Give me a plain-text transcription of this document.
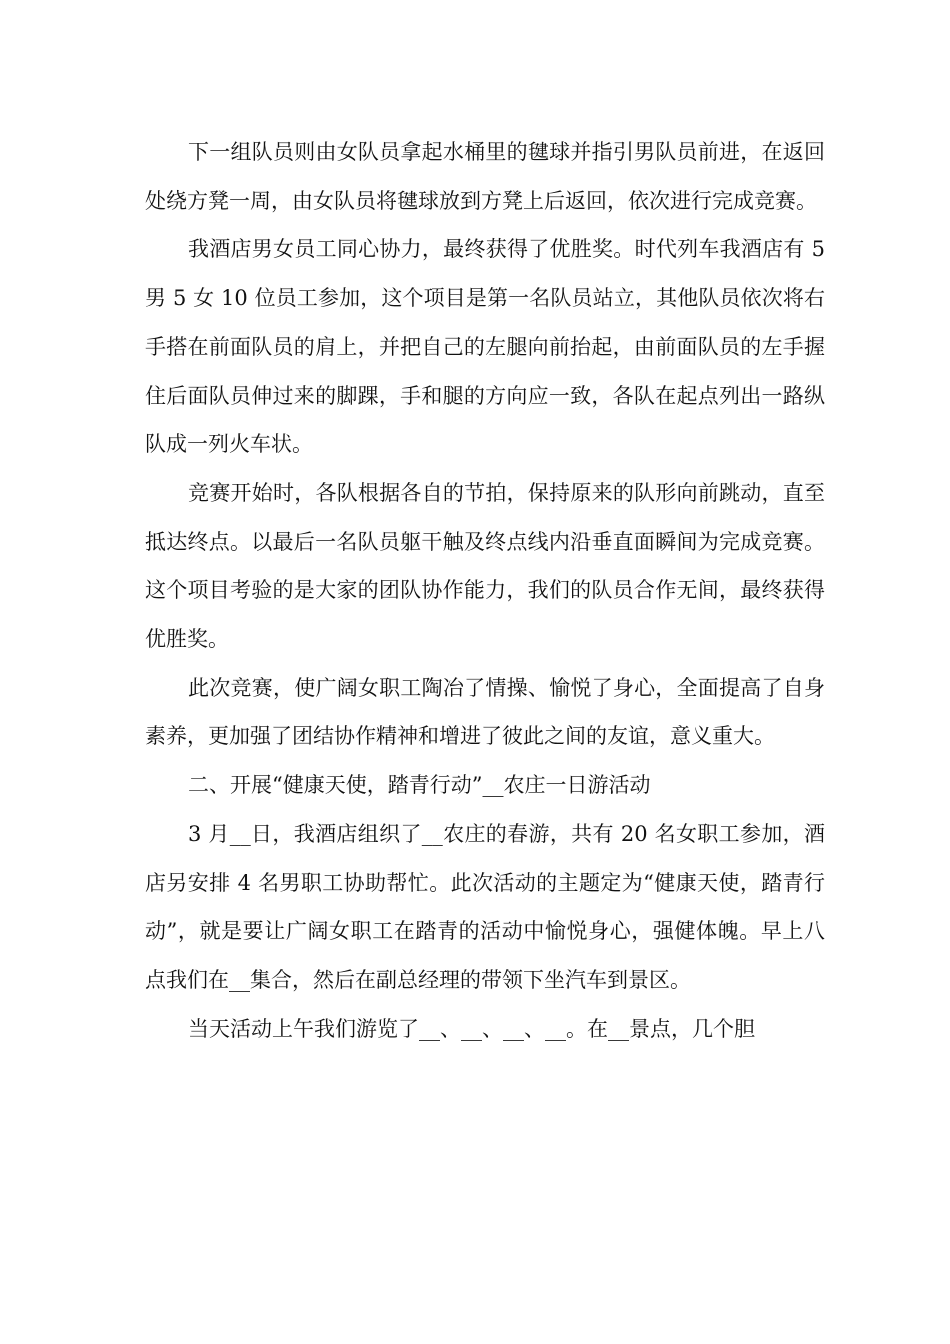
下一组队员则由女队员拿起水桶里的毽球并指引男队员前进，在返回处绕方凳一周，由女队员将毽球放到方凳上后返回，依次进行完成竞赛。

我酒店男女员工同心协力，最终获得了优胜奖。时代列车我酒店有 5 男 5 女 10 位员工参加，这个项目是第一名队员站立，其他队员依次将右手搭在前面队员的肩上，并把自己的左腿向前抬起，由前面队员的左手握住后面队员伸过来的脚踝，手和腿的方向应一致，各队在起点列出一路纵队成一列火车状。

竞赛开始时，各队根据各自的节拍，保持原来的队形向前跳动，直至抵达终点。以最后一名队员躯干触及终点线内沿垂直面瞬间为完成竞赛。这个项目考验的是大家的团队协作能力，我们的队员合作无间，最终获得优胜奖。

此次竞赛，使广阔女职工陶冶了情操、愉悦了身心，全面提高了自身素养，更加强了团结协作精神和增进了彼此之间的友谊，意义重大。

二、开展“健康天使，踏青行动”__农庄一日游活动

3 月__日，我酒店组织了__农庄的春游，共有 20 名女职工参加，酒店另安排 4 名男职工协助帮忙。此次活动的主题定为“健康天使，踏青行动”，就是要让广阔女职工在踏青的活动中愉悦身心，强健体魄。早上八点我们在__集合，然后在副总经理的带领下坐汽车到景区。

当天活动上午我们游览了__、__、__、__。在__景点，几个胆
